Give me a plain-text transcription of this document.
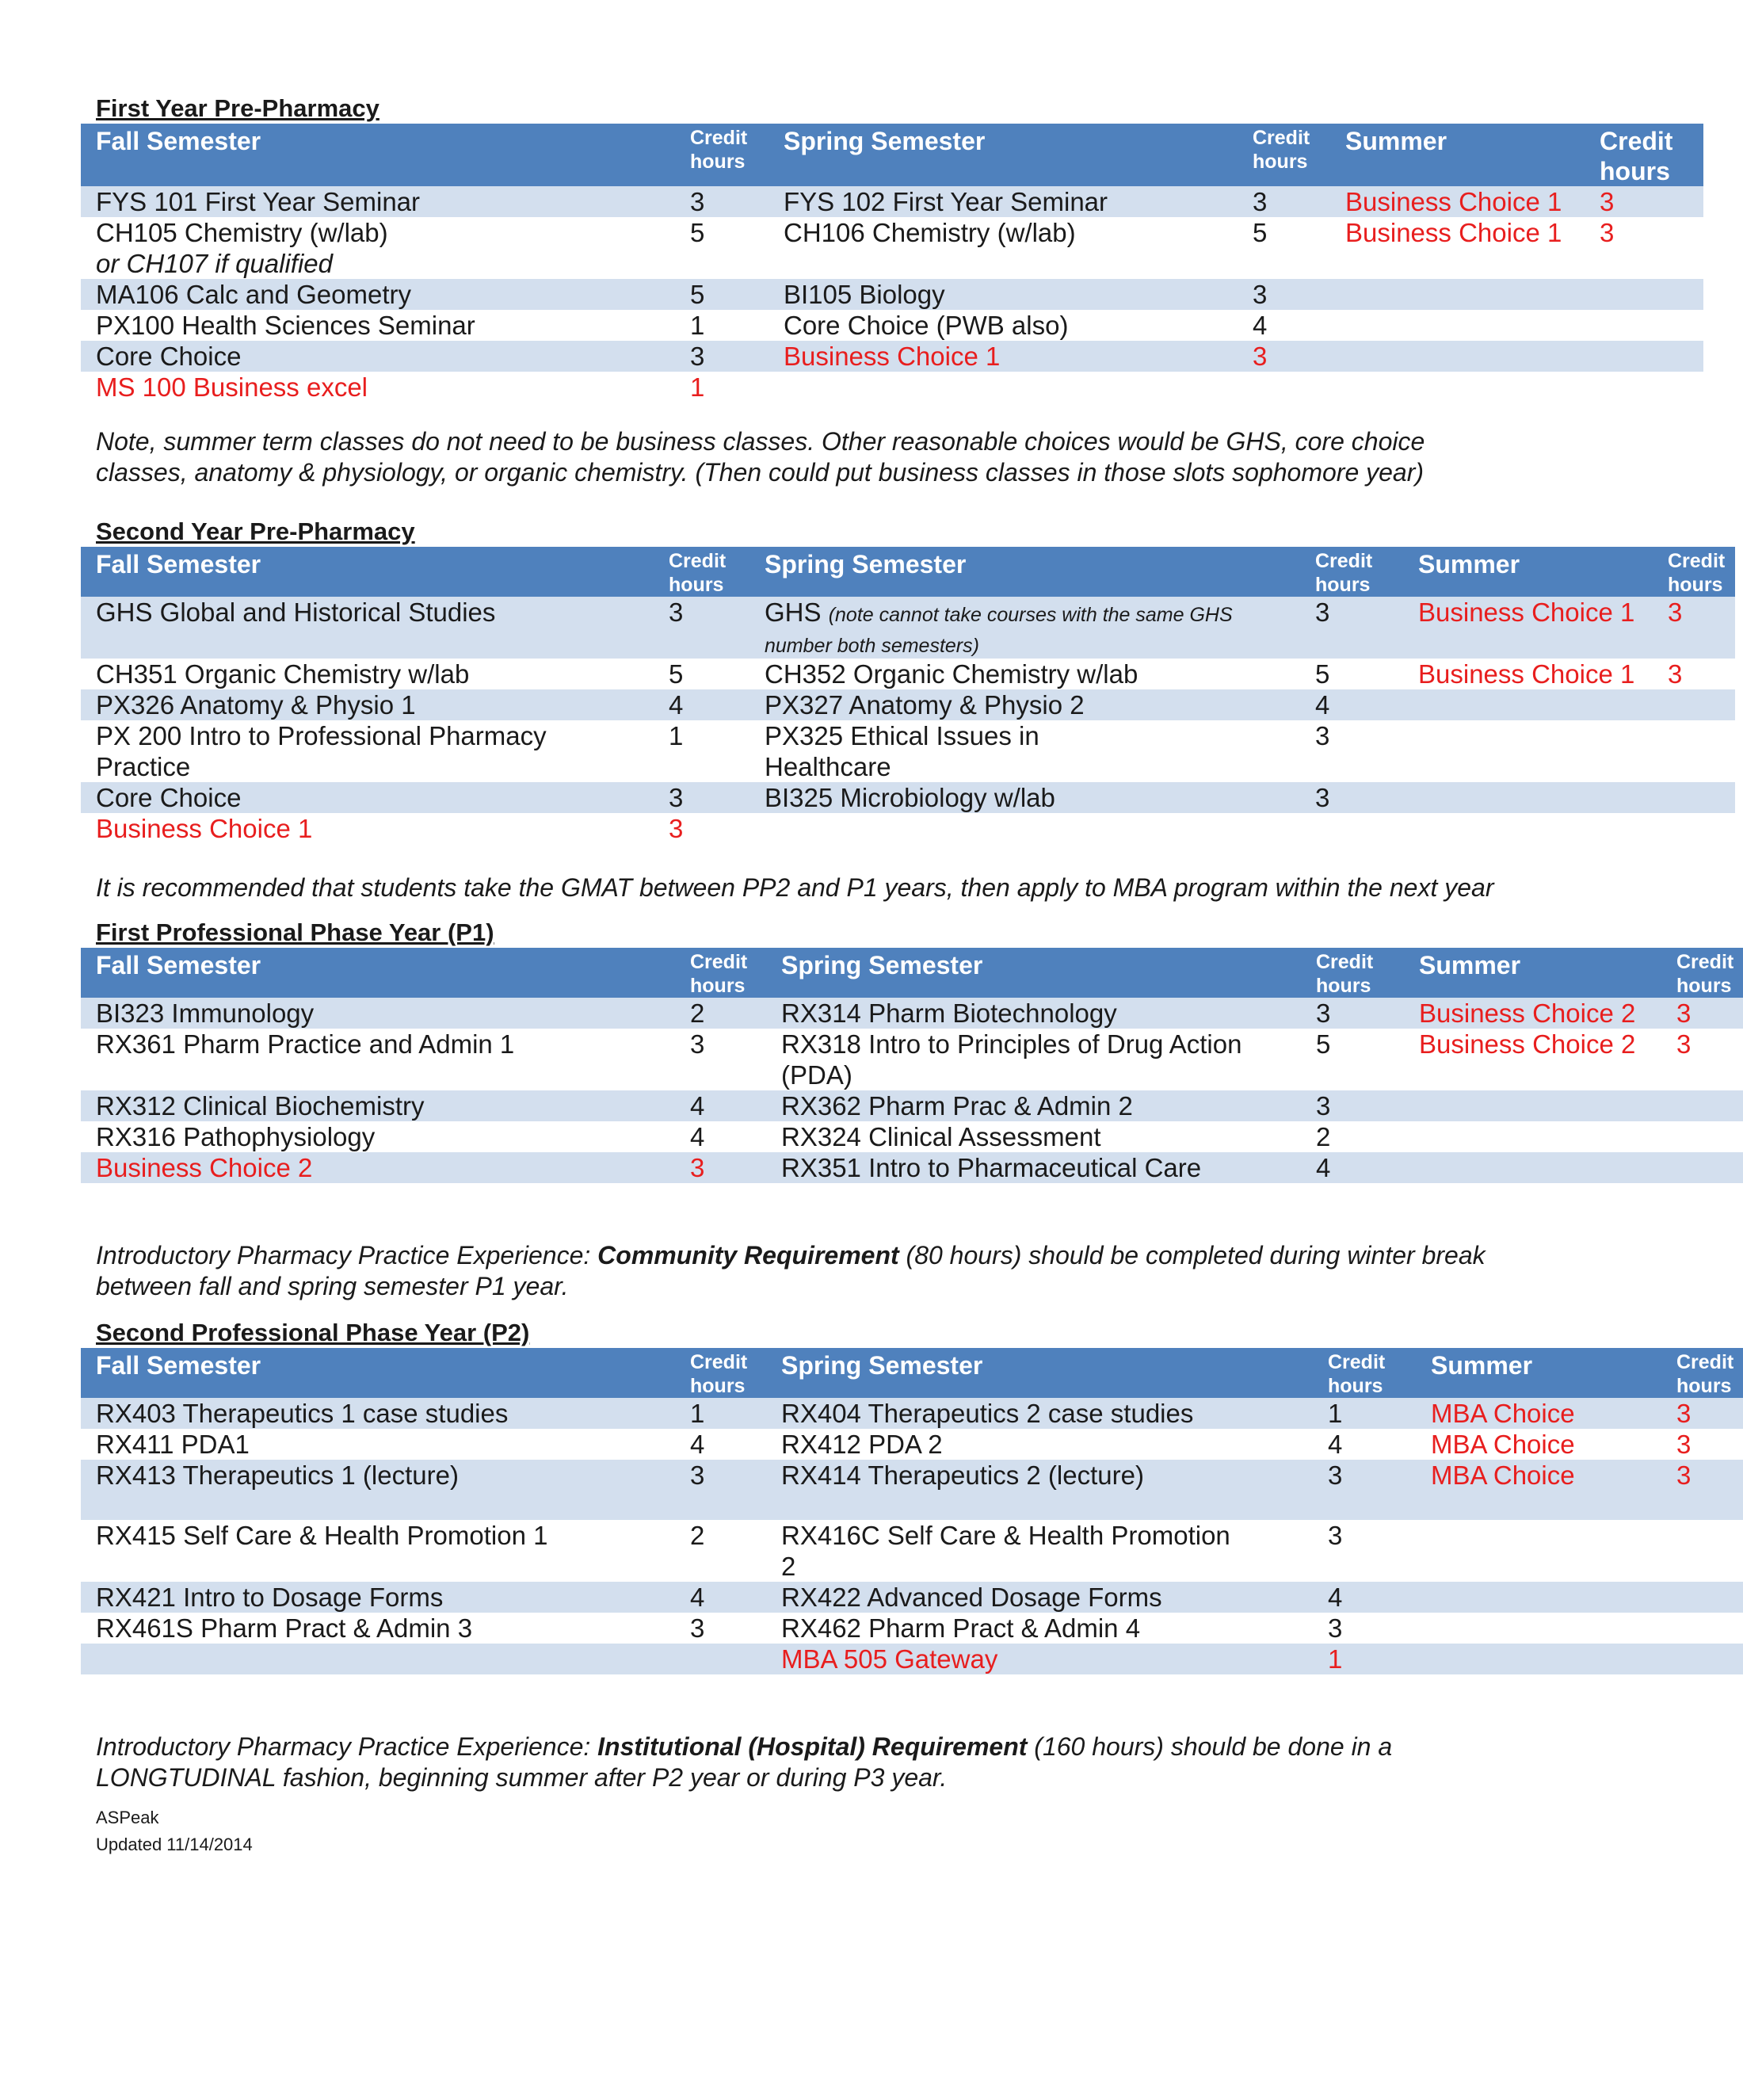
First Year Pre-Pharmacy
Fall Semester	Credit hours	Spring Semester	Credit hours	Summer	Credit hours
FYS 101 First Year Seminar	3	FYS 102 First Year Seminar	3	Business Choice 1	3
CH105 Chemistry (w/lab)
or CH107 if qualified	5	CH106 Chemistry (w/lab)	5	Business Choice 1	3
MA106 Calc and Geometry	5	BI105 Biology	3		
PX100 Health Sciences Seminar	1	Core Choice (PWB also)	4		
Core Choice	3	Business Choice 1	3		
MS 100 Business excel	1				
Note, summer term classes do not need to be business classes. Other reasonable choices would be GHS, core choice classes, anatomy & physiology, or organic chemistry. (Then could put business classes in those slots sophomore year)
Second Year Pre-Pharmacy
Fall Semester	Credit hours	Spring Semester	Credit hours	Summer	Credit hours
GHS Global and Historical Studies	3	GHS (note cannot take courses with the same GHS number both semesters)	3	Business Choice 1	3
CH351 Organic Chemistry w/lab	5	CH352 Organic Chemistry w/lab	5	Business Choice 1	3
PX326 Anatomy & Physio 1	4	PX327 Anatomy & Physio 2	4		
PX 200 Intro to Professional Pharmacy Practice	1	PX325 Ethical Issues in Healthcare	3		
Core Choice	3	BI325 Microbiology w/lab	3		
Business Choice 1	3				
It is recommended that students take the GMAT between PP2 and P1 years, then apply to MBA program within the next year
First Professional Phase Year (P1)
Fall Semester	Credit hours	Spring Semester	Credit hours	Summer	Credit hours
BI323 Immunology	2	RX314 Pharm Biotechnology	3	Business Choice 2	3
RX361 Pharm Practice and Admin 1	3	RX318 Intro to Principles of Drug Action (PDA)	5	Business Choice 2	3
RX312 Clinical Biochemistry	4	RX362 Pharm Prac & Admin 2	3		
RX316 Pathophysiology	4	RX324 Clinical Assessment	2		
Business Choice 2	3	RX351 Intro to Pharmaceutical Care	4		
Introductory Pharmacy Practice Experience: Community Requirement (80 hours) should be completed during winter break between fall and spring semester P1 year.
Second Professional Phase Year (P2)
Fall Semester	Credit hours	Spring Semester	Credit hours	Summer	Credit hours
RX403 Therapeutics 1 case studies	1	RX404 Therapeutics 2 case studies	1	MBA Choice	3
RX411 PDA1	4	RX412 PDA 2	4	MBA Choice	3
RX413 Therapeutics 1 (lecture)	3	RX414 Therapeutics 2 (lecture)	3	MBA Choice	3
RX415 Self Care & Health Promotion 1	2	RX416C Self Care & Health Promotion 2	3		
RX421 Intro to Dosage Forms	4	RX422 Advanced Dosage Forms	4		
RX461S Pharm Pract & Admin 3	3	RX462 Pharm Pract & Admin 4	3		
		MBA 505 Gateway	1		
Introductory Pharmacy Practice Experience: Institutional (Hospital) Requirement (160 hours) should be done in a LONGTUDINAL fashion, beginning summer after P2 year or during P3 year.
ASPeak
Updated 11/14/2014
